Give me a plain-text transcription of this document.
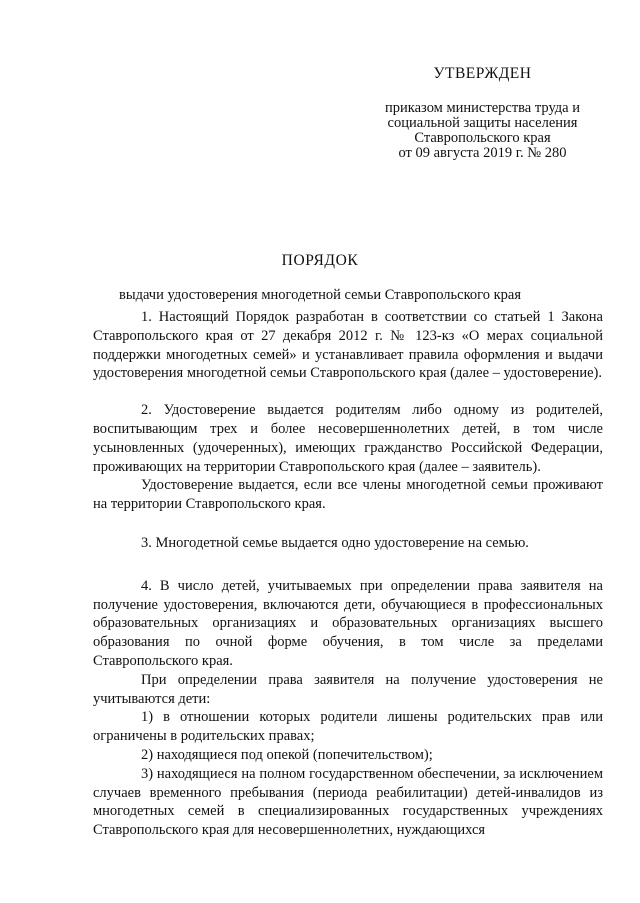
УТВЕРЖДЕН
приказом министерства труда и
социальной защиты населения
Ставропольского края
от 09 августа 2019 г. № 280
ПОРЯДОК
выдачи удостоверения многодетной семьи Ставропольского края

1. Настоящий Порядок разработан в соответствии со статьей 1 Закона Ставропольского края от 27 декабря 2012 г. № 123-кз «О мерах социальной поддержки многодетных семей» и устанавливает правила оформления и выдачи удостоверения многодетной семьи Ставропольского края (далее – удостоверение).

2. Удостоверение выдается родителям либо одному из родителей, воспитывающим трех и более несовершеннолетних детей, в том числе усыновленных (удочеренных), имеющих гражданство Российской Федерации, проживающих на территории Ставропольского края (далее – заявитель).

Удостоверение выдается, если все члены многодетной семьи проживают на территории Ставропольского края.

3. Многодетной семье выдается одно удостоверение на семью.

4. В число детей, учитываемых при определении права заявителя на получение удостоверения, включаются дети, обучающиеся в профессиональных образовательных организациях и образовательных организациях высшего образования по очной форме обучения, в том числе за пределами Ставропольского края.

При определении права заявителя на получение удостоверения не учитываются дети:

1) в отношении которых родители лишены родительских прав или ограничены в родительских правах;

2) находящиеся под опекой (попечительством);

3) находящиеся на полном государственном обеспечении, за исключением случаев временного пребывания (периода реабилитации) детей-инвалидов из многодетных семей в специализированных государственных учреждениях Ставропольского края для несовершеннолетних, нуждающихся
